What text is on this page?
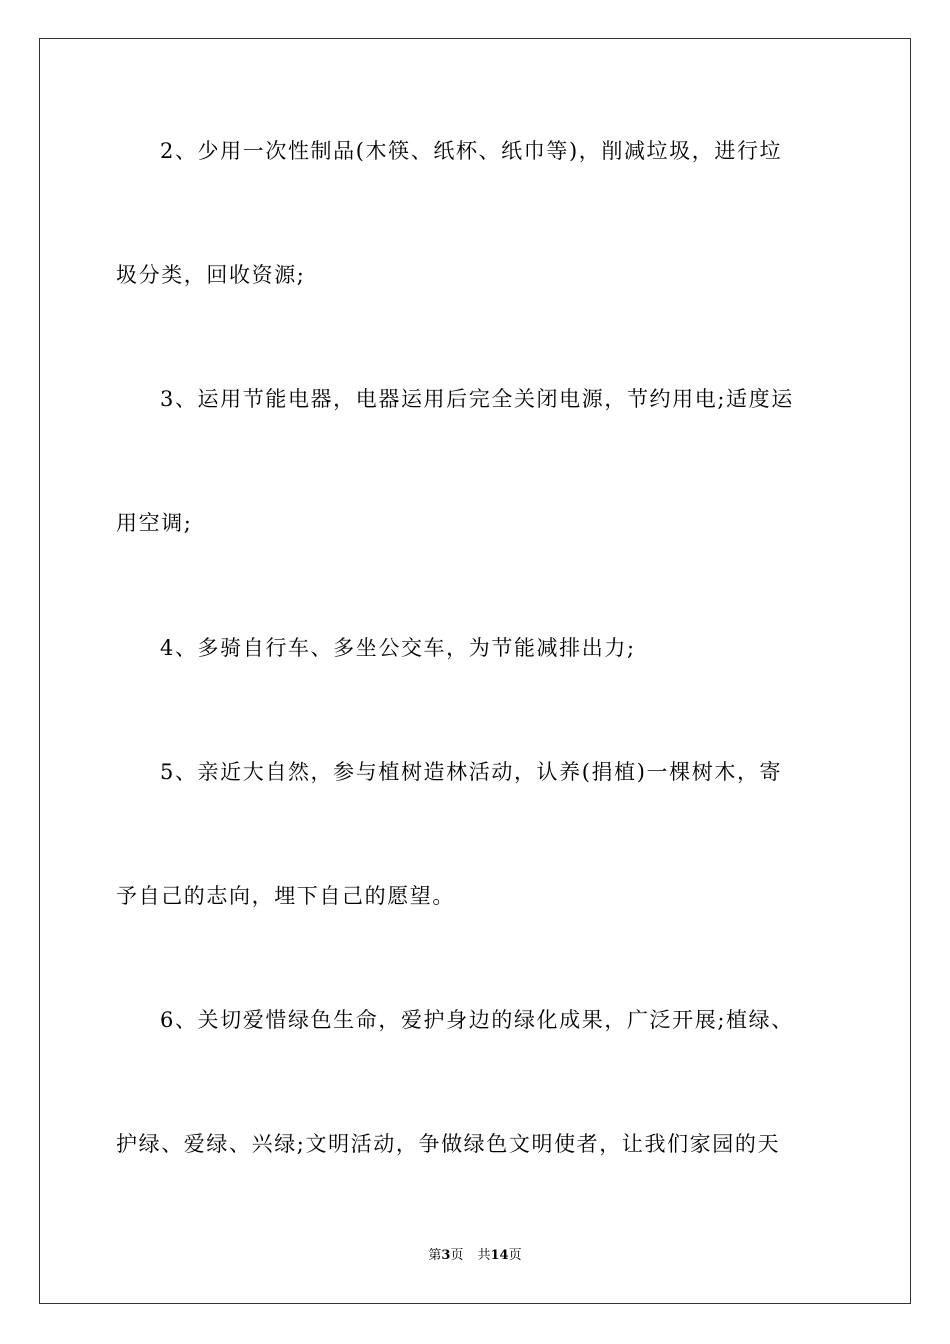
2、少用一次性制品(木筷、纸杯、纸巾等)，削减垃圾，进行垃
圾分类，回收资源;
3、运用节能电器，电器运用后完全关闭电源，节约用电;适度运
用空调;
4、多骑自行车、多坐公交车，为节能减排出力;
5、亲近大自然，参与植树造林活动，认养(捐植)一棵树木，寄
予自己的志向，埋下自己的愿望。
6、关切爱惜绿色生命，爱护身边的绿化成果，广泛开展;植绿、
护绿、爱绿、兴绿;文明活动，争做绿色文明使者，让我们家园的天
第3页 共14页
